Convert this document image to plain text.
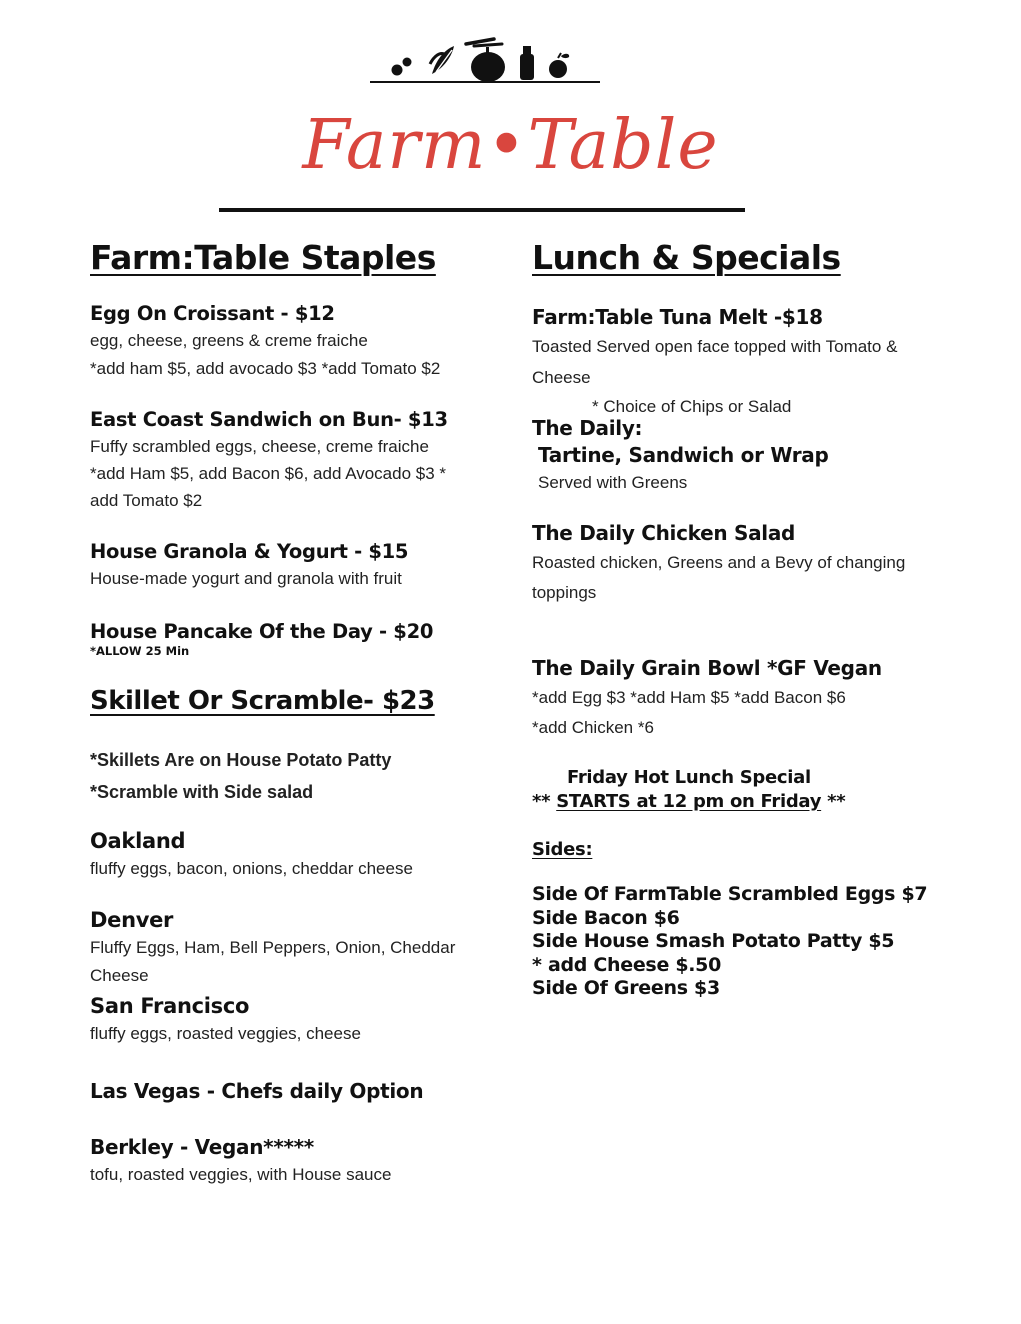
Farm•Table
Farm:Table Staples

Egg On Croissant - $12

egg, cheese, greens & creme fraiche

*add ham $5, add avocado $3 *add Tomato $2

East Coast Sandwich on Bun- $13

Fuffy scrambled eggs, cheese, creme fraiche

*add Ham $5, add Bacon $6, add Avocado $3 *

add Tomato $2

House Granola & Yogurt - $15

House-made yogurt and granola with fruit

House Pancake Of the Day - $20

*ALLOW 25 Min

Skillet Or Scramble- $23

*Skillets Are on House Potato Patty

*Scramble with Side salad

Oakland

fluffy eggs, bacon, onions, cheddar cheese

Denver

Fluffy Eggs, Ham, Bell Peppers, Onion, Cheddar Cheese

San Francisco

fluffy eggs, roasted veggies, cheese

Las Vegas - Chefs daily Option

Berkley - Vegan*****

tofu, roasted veggies, with House sauce

Lunch & Specials

Farm:Table Tuna Melt -$18

Toasted Served open face topped with Tomato & Cheese

* Choice of Chips or Salad

The Daily:

Tartine, Sandwich or Wrap

Served with Greens

The Daily Chicken Salad

Roasted chicken, Greens and a Bevy of changing

toppings

The Daily Grain Bowl *GF Vegan

*add Egg $3 *add Ham $5 *add Bacon $6

*add Chicken *6

Friday Hot Lunch Special

** STARTS at 12 pm on Friday **

Sides:

Side Of FarmTable Scrambled Eggs $7

Side Bacon $6

Side House Smash Potato Patty $5

* add Cheese $.50

Side Of Greens $3
